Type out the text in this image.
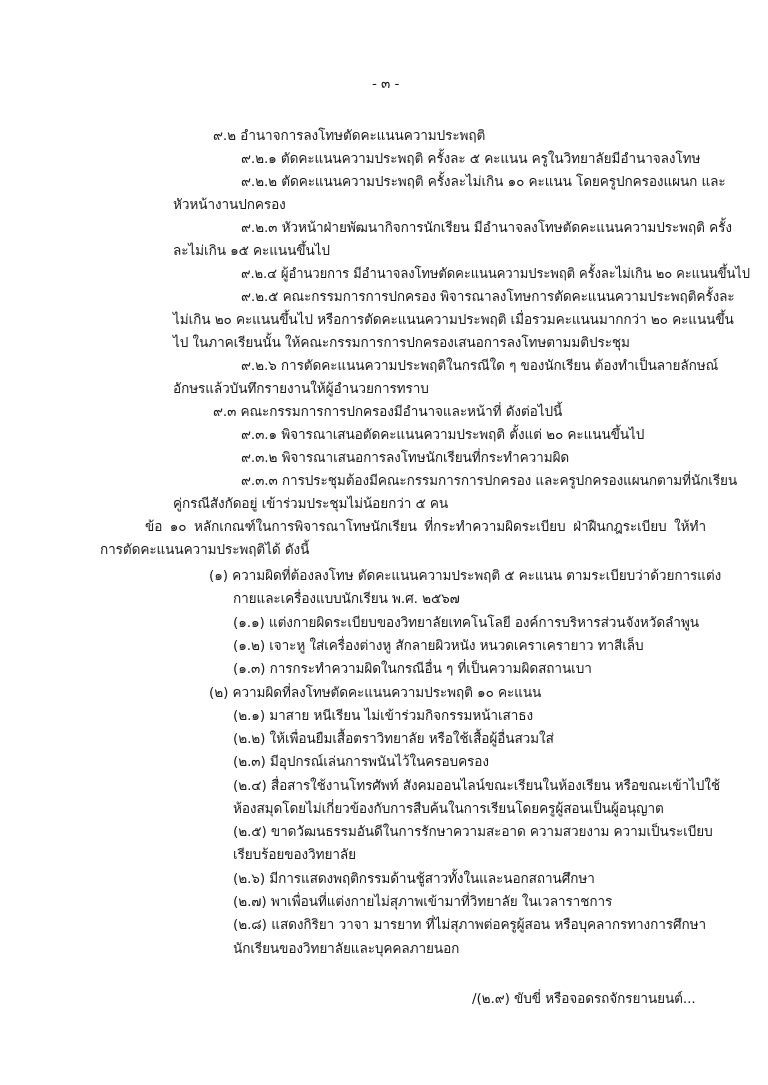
- ๓ -
๙.๒ อำนาจการลงโทษตัดคะแนนความประพฤติ
๙.๒.๑ ตัดคะแนนความประพฤติ ครั้งละ ๕ คะแนน ครูในวิทยาลัยมีอำนาจลงโทษ
๙.๒.๒ ตัดคะแนนความประพฤติ ครั้งละไม่เกิน ๑๐ คะแนน โดยครูปกครองแผนก และ
หัวหน้างานปกครอง
๙.๒.๓ หัวหน้าฝ่ายพัฒนากิจการนักเรียน มีอำนาจลงโทษตัดคะแนนความประพฤติ ครั้ง
ละไม่เกิน ๑๕ คะแนนขึ้นไป
๙.๒.๔ ผู้อำนวยการ มีอำนาจลงโทษตัดคะแนนความประพฤติ ครั้งละไม่เกิน ๒๐ คะแนนขึ้นไป
๙.๒.๕ คณะกรรมการการปกครอง พิจารณาลงโทษการตัดคะแนนความประพฤติครั้งละ
ไม่เกิน ๒๐ คะแนนขึ้นไป หรือการตัดคะแนนความประพฤติ เมื่อรวมคะแนนมากกว่า ๒๐ คะแนนขึ้น
ไป ในภาคเรียนนั้น ให้คณะกรรมการการปกครองเสนอการลงโทษตามมติประชุม
๙.๒.๖ การตัดคะแนนความประพฤติในกรณีใด ๆ ของนักเรียน ต้องทำเป็นลายลักษณ์
อักษรแล้วบันทึกรายงานให้ผู้อำนวยการทราบ
๙.๓ คณะกรรมการการปกครองมีอำนาจและหน้าที่ ดังต่อไปนี้
๙.๓.๑ พิจารณาเสนอตัดคะแนนความประพฤติ ตั้งแต่ ๒๐ คะแนนขึ้นไป
๙.๓.๒ พิจารณาเสนอการลงโทษนักเรียนที่กระทำความผิด
๙.๓.๓ การประชุมต้องมีคณะกรรมการการปกครอง และครูปกครองแผนกตามที่นักเรียน
คู่กรณีสังกัดอยู่ เข้าร่วมประชุมไม่น้อยกว่า ๕ คน
ข้อ ๑๐ หลักเกณฑ์ในการพิจารณาโทษนักเรียน ที่กระทำความผิดระเบียบ ฝ่าฝืนกฎระเบียบ ให้ทำ
การตัดคะแนนความประพฤติได้ ดังนี้
(๑) ความผิดที่ต้องลงโทษ ตัดคะแนนความประพฤติ ๕ คะแนน ตามระเบียบว่าด้วยการแต่ง
กายและเครื่องแบบนักเรียน พ.ศ. ๒๕๖๗
(๑.๑) แต่งกายผิดระเบียบของวิทยาลัยเทคโนโลยี องค์การบริหารส่วนจังหวัดลำพูน
(๑.๒) เจาะหู ใส่เครื่องต่างหู สักลายผิวหนัง หนวดเคราเครายาว ทาสีเล็บ
(๑.๓) การกระทำความผิดในกรณีอื่น ๆ ที่เป็นความผิดสถานเบา
(๒) ความผิดที่ลงโทษตัดคะแนนความประพฤติ ๑๐ คะแนน
(๒.๑) มาสาย หนีเรียน ไม่เข้าร่วมกิจกรรมหน้าเสาธง
(๒.๒) ให้เพื่อนยืมเสื้อตราวิทยาลัย หรือใช้เสื้อผู้อื่นสวมใส่
(๒.๓) มีอุปกรณ์เล่นการพนันไว้ในครอบครอง
(๒.๔) สื่อสารใช้งานโทรศัพท์ สังคมออนไลน์ขณะเรียนในห้องเรียน หรือขณะเข้าไปใช้
ห้องสมุดโดยไม่เกี่ยวข้องกับการสืบค้นในการเรียนโดยครูผู้สอนเป็นผู้อนุญาต
(๒.๕) ขาดวัฒนธรรมอันดีในการรักษาความสะอาด ความสวยงาม ความเป็นระเบียบ
เรียบร้อยของวิทยาลัย
(๒.๖) มีการแสดงพฤติกรรมด้านชู้สาวทั้งในและนอกสถานศึกษา
(๒.๗) พาเพื่อนที่แต่งกายไม่สุภาพเข้ามาที่วิทยาลัย ในเวลาราชการ
(๒.๘) แสดงกิริยา วาจา มารยาท ที่ไม่สุภาพต่อครูผู้สอน หรือบุคลากรทางการศึกษา
นักเรียนของวิทยาลัยและบุคคลภายนอก
/(๒.๙) ขับขี่ หรือจอดรถจักรยานยนต์...
